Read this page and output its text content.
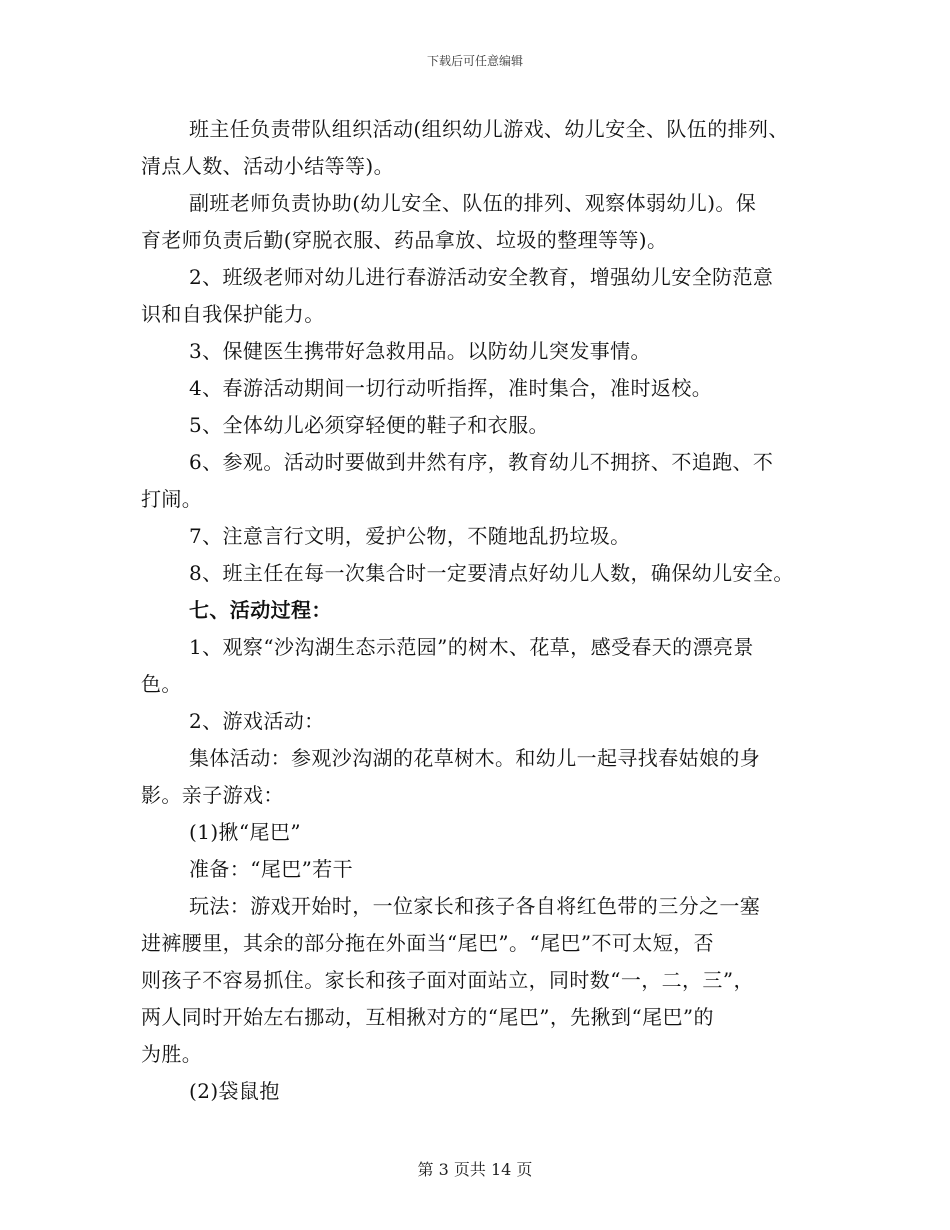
下载后可任意编辑
班主任负责带队组织活动(组织幼儿游戏、幼儿安全、队伍的排列、
清点人数、活动小结等等)。
副班老师负责协助(幼儿安全、队伍的排列、观察体弱幼儿)。保
育老师负责后勤(穿脱衣服、药品拿放、垃圾的整理等等)。
2、班级老师对幼儿进行春游活动安全教育，增强幼儿安全防范意
识和自我保护能力。
3、保健医生携带好急救用品。以防幼儿突发事情。
4、春游活动期间一切行动听指挥，准时集合，准时返校。
5、全体幼儿必须穿轻便的鞋子和衣服。
6、参观。活动时要做到井然有序，教育幼儿不拥挤、不追跑、不
打闹。
7、注意言行文明，爱护公物，不随地乱扔垃圾。
8、班主任在每一次集合时一定要清点好幼儿人数，确保幼儿安全。
七、活动过程：
1、观察“沙沟湖生态示范园”的树木、花草，感受春天的漂亮景
色。
2、游戏活动：
集体活动：参观沙沟湖的花草树木。和幼儿一起寻找春姑娘的身
影。亲子游戏：
(1)揪“尾巴”
准备：“尾巴”若干
玩法：游戏开始时，一位家长和孩子各自将红色带的三分之一塞
进裤腰里，其余的部分拖在外面当“尾巴”。“尾巴”不可太短，否
则孩子不容易抓住。家长和孩子面对面站立，同时数“一，二，三”，
两人同时开始左右挪动，互相揪对方的“尾巴”，先揪到“尾巴”的
为胜。
(2)袋鼠抱
第 3 页共 14 页
